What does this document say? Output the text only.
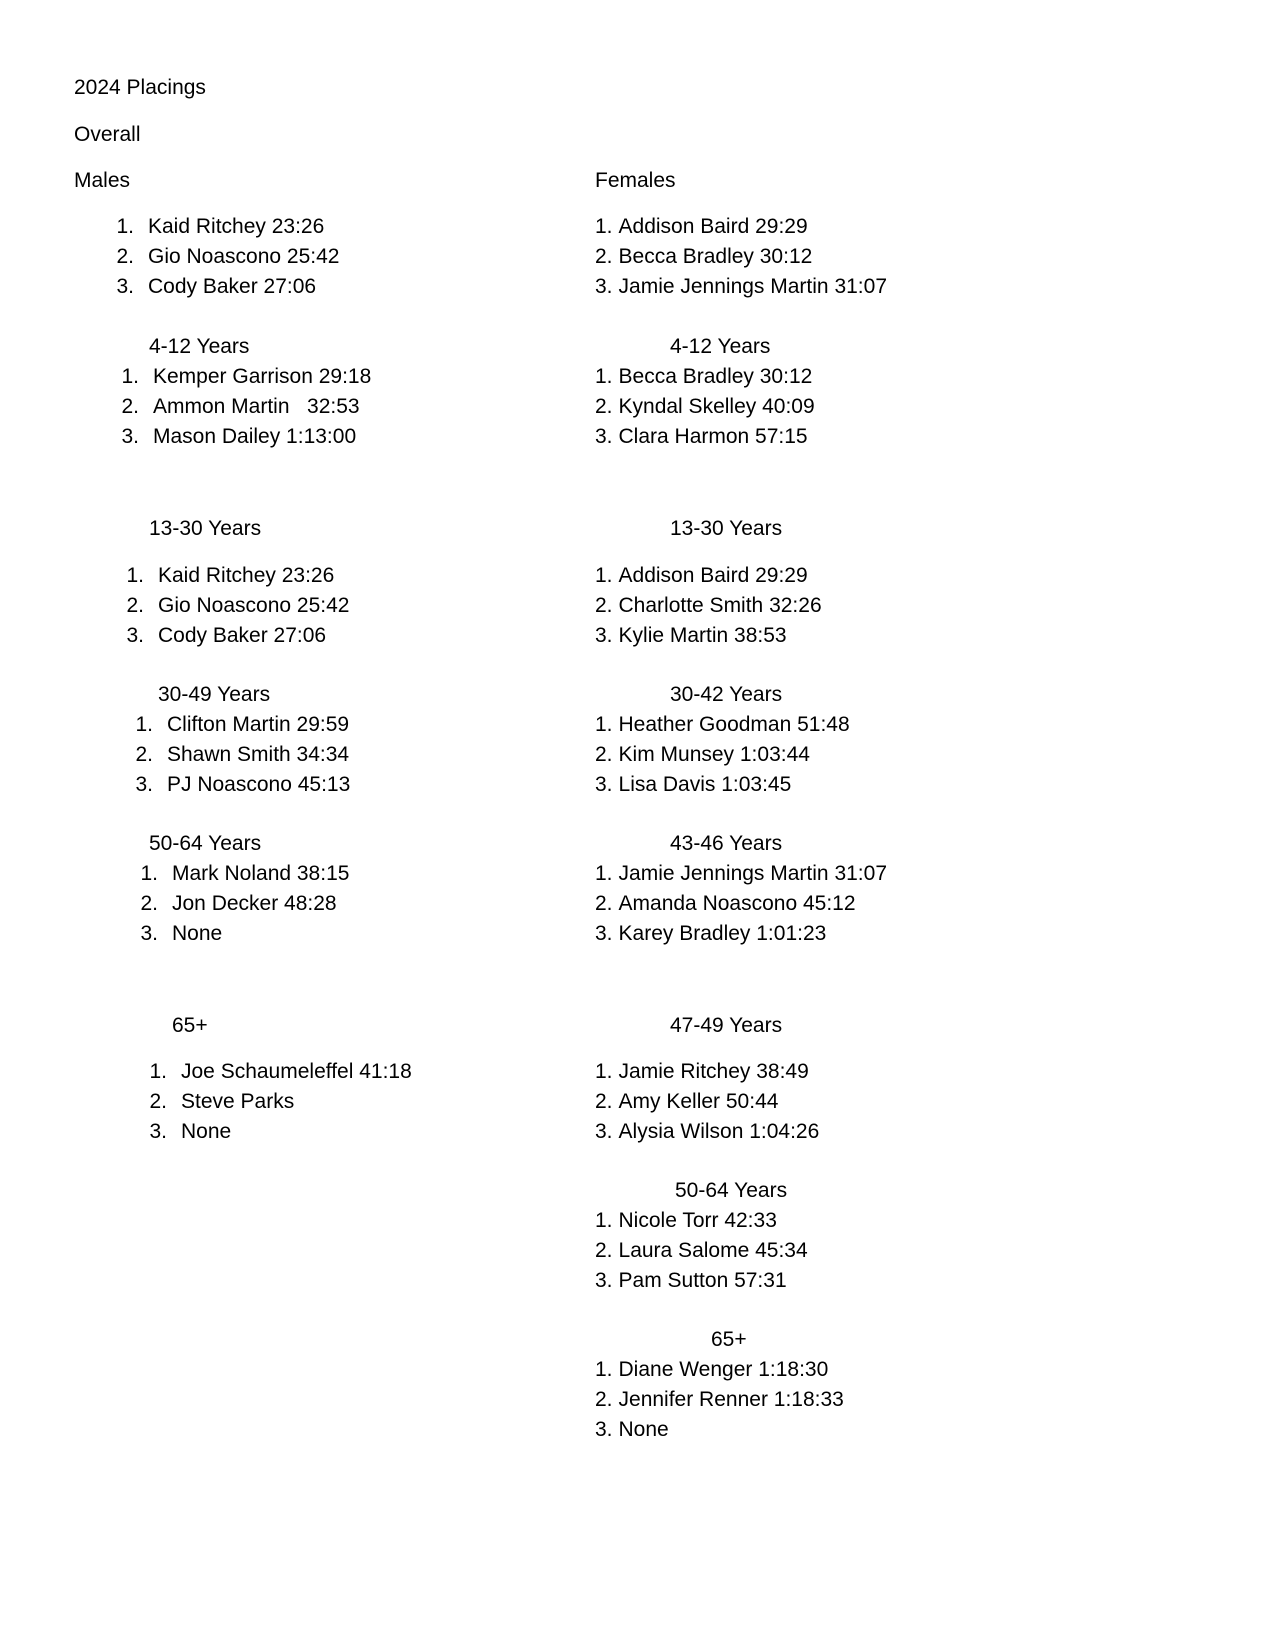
2024 Placings
Overall
Males	Females
1. Kaid Ritchey 23:26
2. Gio Noascono 25:42
3. Cody Baker 27:06
4-12 Years
1. Kemper Garrison 29:18
2. Ammon Martin   32:53
3. Mason Dailey 1:13:00
13-30 Years
1. Kaid Ritchey 23:26
2. Gio Noascono 25:42
3. Cody Baker 27:06
30-49 Years
1. Clifton Martin 29:59
2. Shawn Smith 34:34
3. PJ Noascono 45:13
50-64 Years
1. Mark Noland 38:15
2. Jon Decker 48:28
3. None
65+
1. Joe Schaumeleffel 41:18
2. Steve Parks
3. None
1. Addison Baird 29:29
2. Becca Bradley 30:12
3. Jamie Jennings Martin 31:07
4-12 Years
1. Becca Bradley 30:12
2. Kyndal Skelley 40:09
3. Clara Harmon 57:15
13-30 Years
1. Addison Baird 29:29
2. Charlotte Smith 32:26
3. Kylie Martin 38:53
30-42 Years
1. Heather Goodman 51:48
2. Kim Munsey 1:03:44
3. Lisa Davis 1:03:45
43-46 Years
1. Jamie Jennings Martin 31:07
2. Amanda Noascono 45:12
3. Karey Bradley 1:01:23
47-49 Years
1. Jamie Ritchey 38:49
2. Amy Keller 50:44
3. Alysia Wilson 1:04:26
50-64 Years
1. Nicole Torr 42:33
2. Laura Salome 45:34
3. Pam Sutton 57:31
65+
1. Diane Wenger 1:18:30
2. Jennifer Renner 1:18:33
3. None
